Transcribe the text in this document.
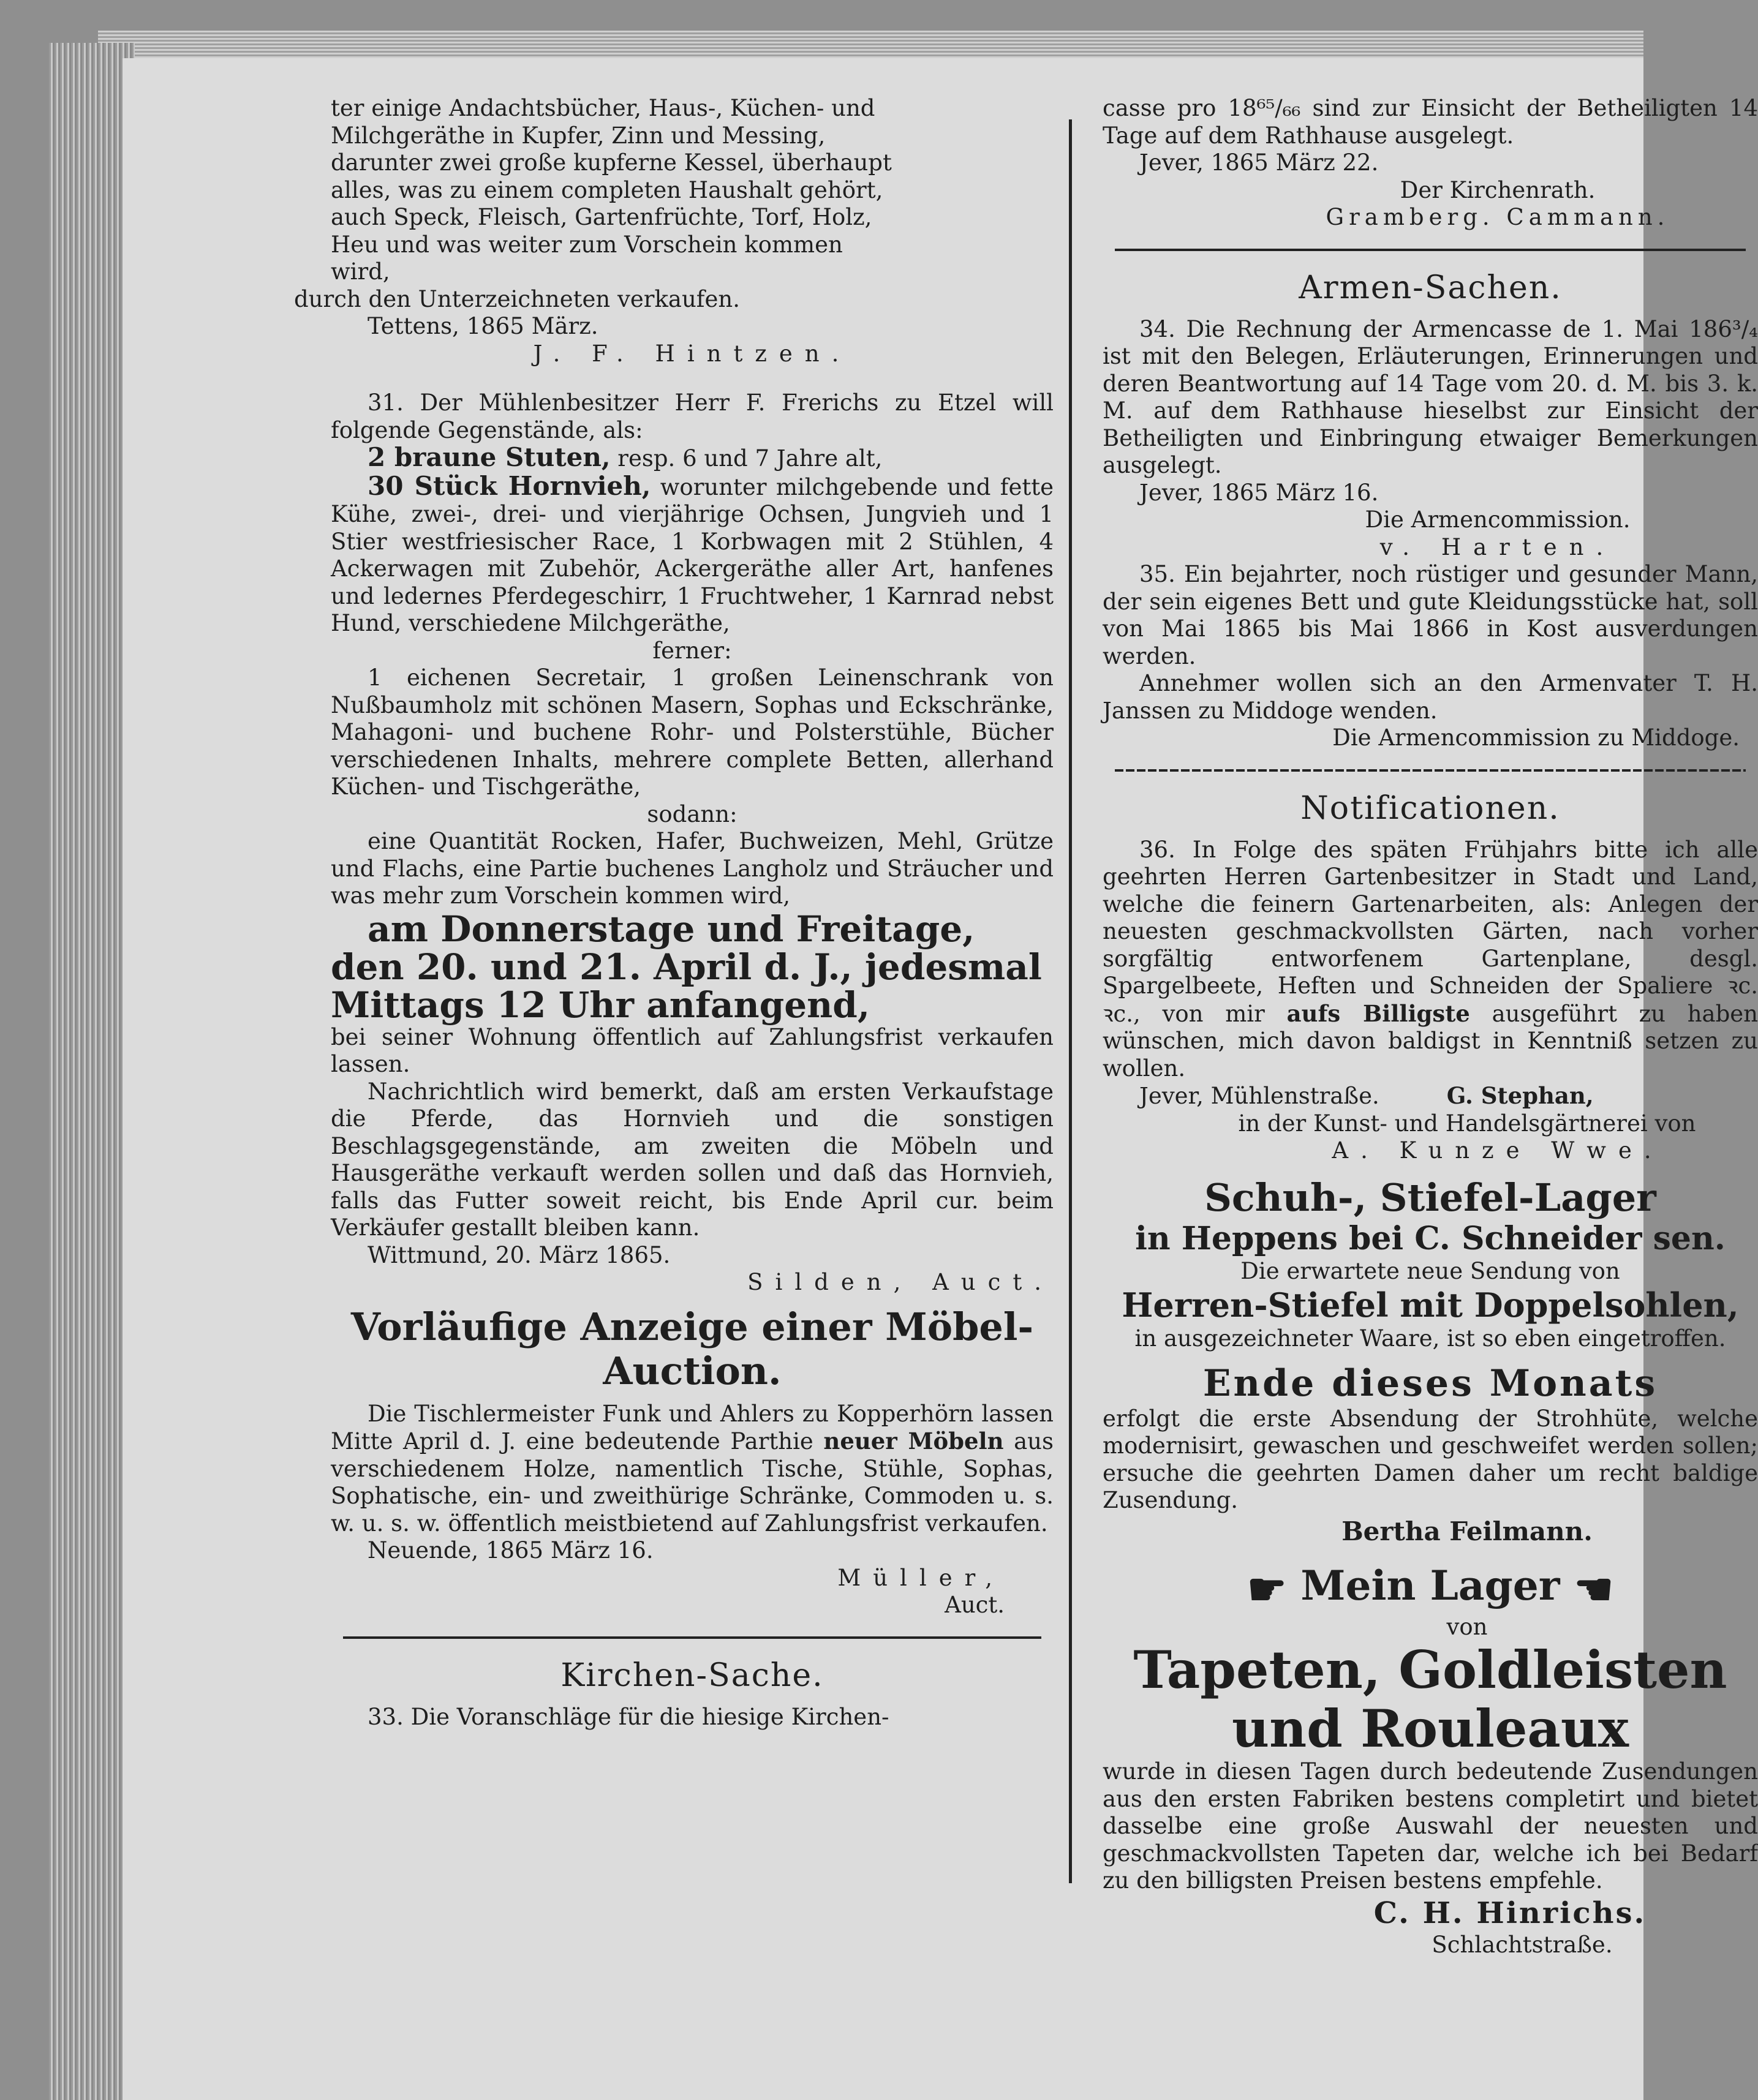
ter einige Andachtsbücher, Haus-, Küchen- und

Milchgeräthe in Kupfer, Zinn und Messing,

darunter zwei große kupferne Kessel, überhaupt

alles, was zu einem completen Haushalt gehört,

auch Speck, Fleisch, Gartenfrüchte, Torf, Holz,

Heu und was weiter zum Vorschein kommen

wird,

durch den Unterzeichneten verkaufen.

Tettens, 1865 März.

J. F. Hintzen.

31. Der Mühlenbesitzer Herr F. Frerichs zu Etzel will folgende Gegenstände, als:

2 braune Stuten, resp. 6 und 7 Jahre alt,

30 Stück Hornvieh, worunter milchgebende und fette Kühe, zwei-, drei- und vierjährige Ochsen, Jungvieh und 1 Stier westfriesischer Race, 1 Korbwagen mit 2 Stühlen, 4 Ackerwagen mit Zubehör, Ackergeräthe aller Art, hanfenes und ledernes Pferdegeschirr, 1 Fruchtweher, 1 Karnrad nebst Hund, verschiedene Milchgeräthe,

ferner:

1 eichenen Secretair, 1 großen Leinenschrank von Nußbaumholz mit schönen Masern, Sophas und Eckschränke, Mahagoni- und buchene Rohr- und Polsterstühle, Bücher verschiedenen Inhalts, mehrere complete Betten, allerhand Küchen- und Tischgeräthe,

sodann:

eine Quantität Rocken, Hafer, Buchweizen, Mehl, Grütze und Flachs, eine Partie buchenes Langholz und Sträucher und was mehr zum Vorschein kommen wird,

am Donnerstage und Freitage, den 20. und 21. April d. J., jedesmal Mittags 12 Uhr anfangend,

bei seiner Wohnung öffentlich auf Zahlungsfrist verkaufen lassen.

Nachrichtlich wird bemerkt, daß am ersten Verkaufstage die Pferde, das Hornvieh und die sonstigen Beschlagsgegenstände, am zweiten die Möbeln und Hausgeräthe verkauft werden sollen und daß das Hornvieh, falls das Futter soweit reicht, bis Ende April cur. beim Verkäufer gestallt bleiben kann.

Wittmund, 20. März 1865.

Silden, Auct.

Vorläufige Anzeige einer Möbel-Auction.

Die Tischlermeister Funk und Ahlers zu Kopperhörn lassen Mitte April d. J. eine bedeutende Parthie neuer Möbeln aus verschiedenem Holze, namentlich Tische, Stühle, Sophas, Sophatische, ein- und zweithürige Schränke, Commoden u. s. w. u. s. w. öffentlich meistbietend auf Zahlungsfrist verkaufen.

Neuende, 1865 März 16.

Müller,

Auct.

Kirchen-Sache.

33. Die Voranschläge für die hiesige Kirchen-

casse pro 18⁶⁵/₆₆ sind zur Einsicht der Betheiligten 14 Tage auf dem Rathhause ausgelegt.

Jever, 1865 März 22.

Der Kirchenrath.

Gramberg. Cammann.

Armen-Sachen.

34. Die Rechnung der Armencasse de 1. Mai 186³/₄ ist mit den Belegen, Erläuterungen, Erinnerungen und deren Beantwortung auf 14 Tage vom 20. d. M. bis 3. k. M. auf dem Rathhause hieselbst zur Einsicht der Betheiligten und Einbringung etwaiger Bemerkungen ausgelegt.

Jever, 1865 März 16.

Die Armencommission.

v. Harten.

35. Ein bejahrter, noch rüstiger und gesunder Mann, der sein eigenes Bett und gute Kleidungsstücke hat, soll von Mai 1865 bis Mai 1866 in Kost ausverdungen werden.

Annehmer wollen sich an den Armenvater T. H. Janssen zu Middoge wenden.

Die Armencommission zu Middoge.

Notificationen.

36. In Folge des späten Frühjahrs bitte ich alle geehrten Herren Gartenbesitzer in Stadt und Land, welche die feinern Gartenarbeiten, als: Anlegen der neuesten geschmackvollsten Gärten, nach vorher sorgfältig entworfenem Gartenplane, desgl. Spargelbeete, Heften und Schneiden der Spaliere ꝛc. ꝛc., von mir aufs Billigste ausgeführt zu haben wünschen, mich davon baldigst in Kenntniß setzen zu wollen.

Jever, Mühlenstraße.	G. Stephan,

in der Kunst- und Handelsgärtnerei von

A. Kunze Wwe.

Schuh-, Stiefel-Lager
in Heppens bei C. Schneider sen.

Die erwartete neue Sendung von

Herren-Stiefel mit Doppelsohlen,

in ausgezeichneter Waare, ist so eben eingetroffen.

Ende dieses Monats

erfolgt die erste Absendung der Strohhüte, welche modernisirt, gewaschen und geschweifet werden sollen; ersuche die geehrten Damen daher um recht baldige Zusendung.

Bertha Feilmann.

☛ Mein Lager ☚

von

Tapeten, Goldleisten
und Rouleaux

wurde in diesen Tagen durch bedeutende Zusendungen aus den ersten Fabriken bestens completirt und bietet dasselbe eine große Auswahl der neuesten und geschmackvollsten Tapeten dar, welche ich bei Bedarf zu den billigsten Preisen bestens empfehle.

C. H. Hinrichs.

Schlachtstraße.
